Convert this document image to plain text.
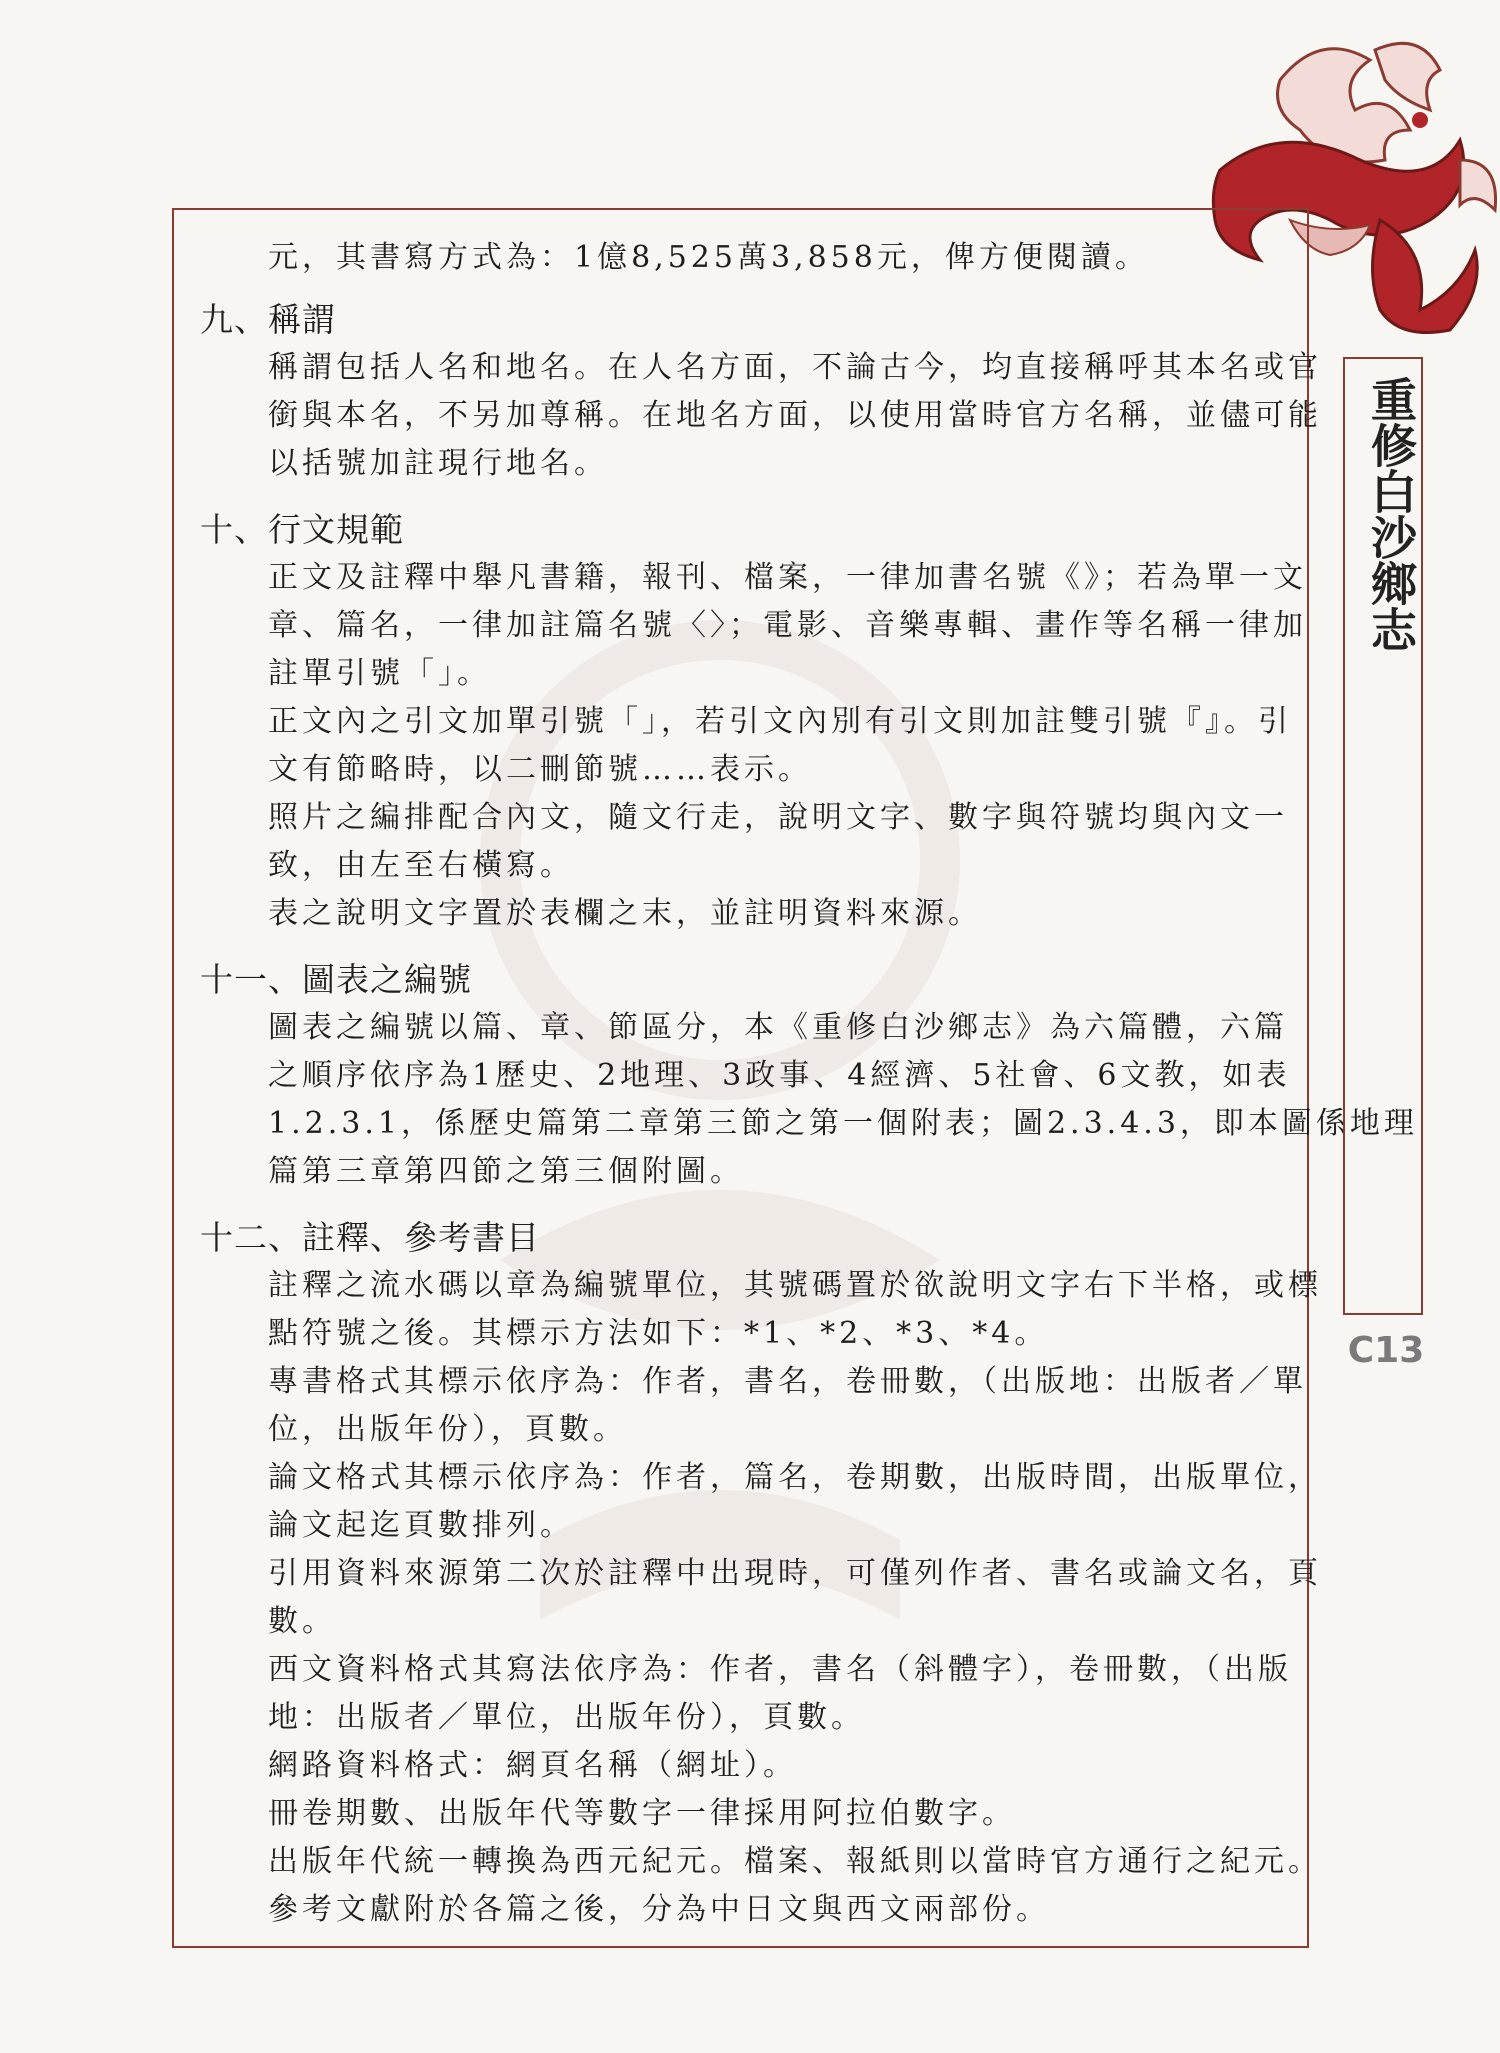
元，其書寫方式為：1億8,525萬3,858元，俾方便閱讀。
九、稱謂
稱謂包括人名和地名。在人名方面，不論古今，均直接稱呼其本名或官
銜與本名，不另加尊稱。在地名方面，以使用當時官方名稱，並儘可能
以括號加註現行地名。
十、行文規範
正文及註釋中舉凡書籍，報刊、檔案，一律加書名號《》；若為單一文
章、篇名，一律加註篇名號〈〉；電影、音樂專輯、畫作等名稱一律加
註單引號「」。
正文內之引文加單引號「」，若引文內別有引文則加註雙引號『』。引
文有節略時，以二刪節號……表示。
照片之編排配合內文，隨文行走，說明文字、數字與符號均與內文一
致，由左至右橫寫。
表之說明文字置於表欄之末，並註明資料來源。
十一、圖表之編號
圖表之編號以篇、章、節區分，本《重修白沙鄉志》為六篇體，六篇
之順序依序為1歷史、2地理、3政事、4經濟、5社會、6文教，如表
1.2.3.1，係歷史篇第二章第三節之第一個附表；圖2.3.4.3，即本圖係地理
篇第三章第四節之第三個附圖。
十二、註釋、參考書目
註釋之流水碼以章為編號單位，其號碼置於欲說明文字右下半格，或標
點符號之後。其標示方法如下：*1、*2、*3、*4。
專書格式其標示依序為：作者，書名，卷冊數，（出版地：出版者／單
位，出版年份），頁數。
論文格式其標示依序為：作者，篇名，卷期數，出版時間，出版單位，
論文起迄頁數排列。
引用資料來源第二次於註釋中出現時，可僅列作者、書名或論文名，頁
數。
西文資料格式其寫法依序為：作者，書名（斜體字），卷冊數，（出版
地：出版者／單位，出版年份），頁數。
網路資料格式：網頁名稱（網址）。
冊卷期數、出版年代等數字一律採用阿拉伯數字。
出版年代統一轉換為西元紀元。檔案、報紙則以當時官方通行之紀元。
參考文獻附於各篇之後，分為中日文與西文兩部份。
重修白沙鄉志
C13
